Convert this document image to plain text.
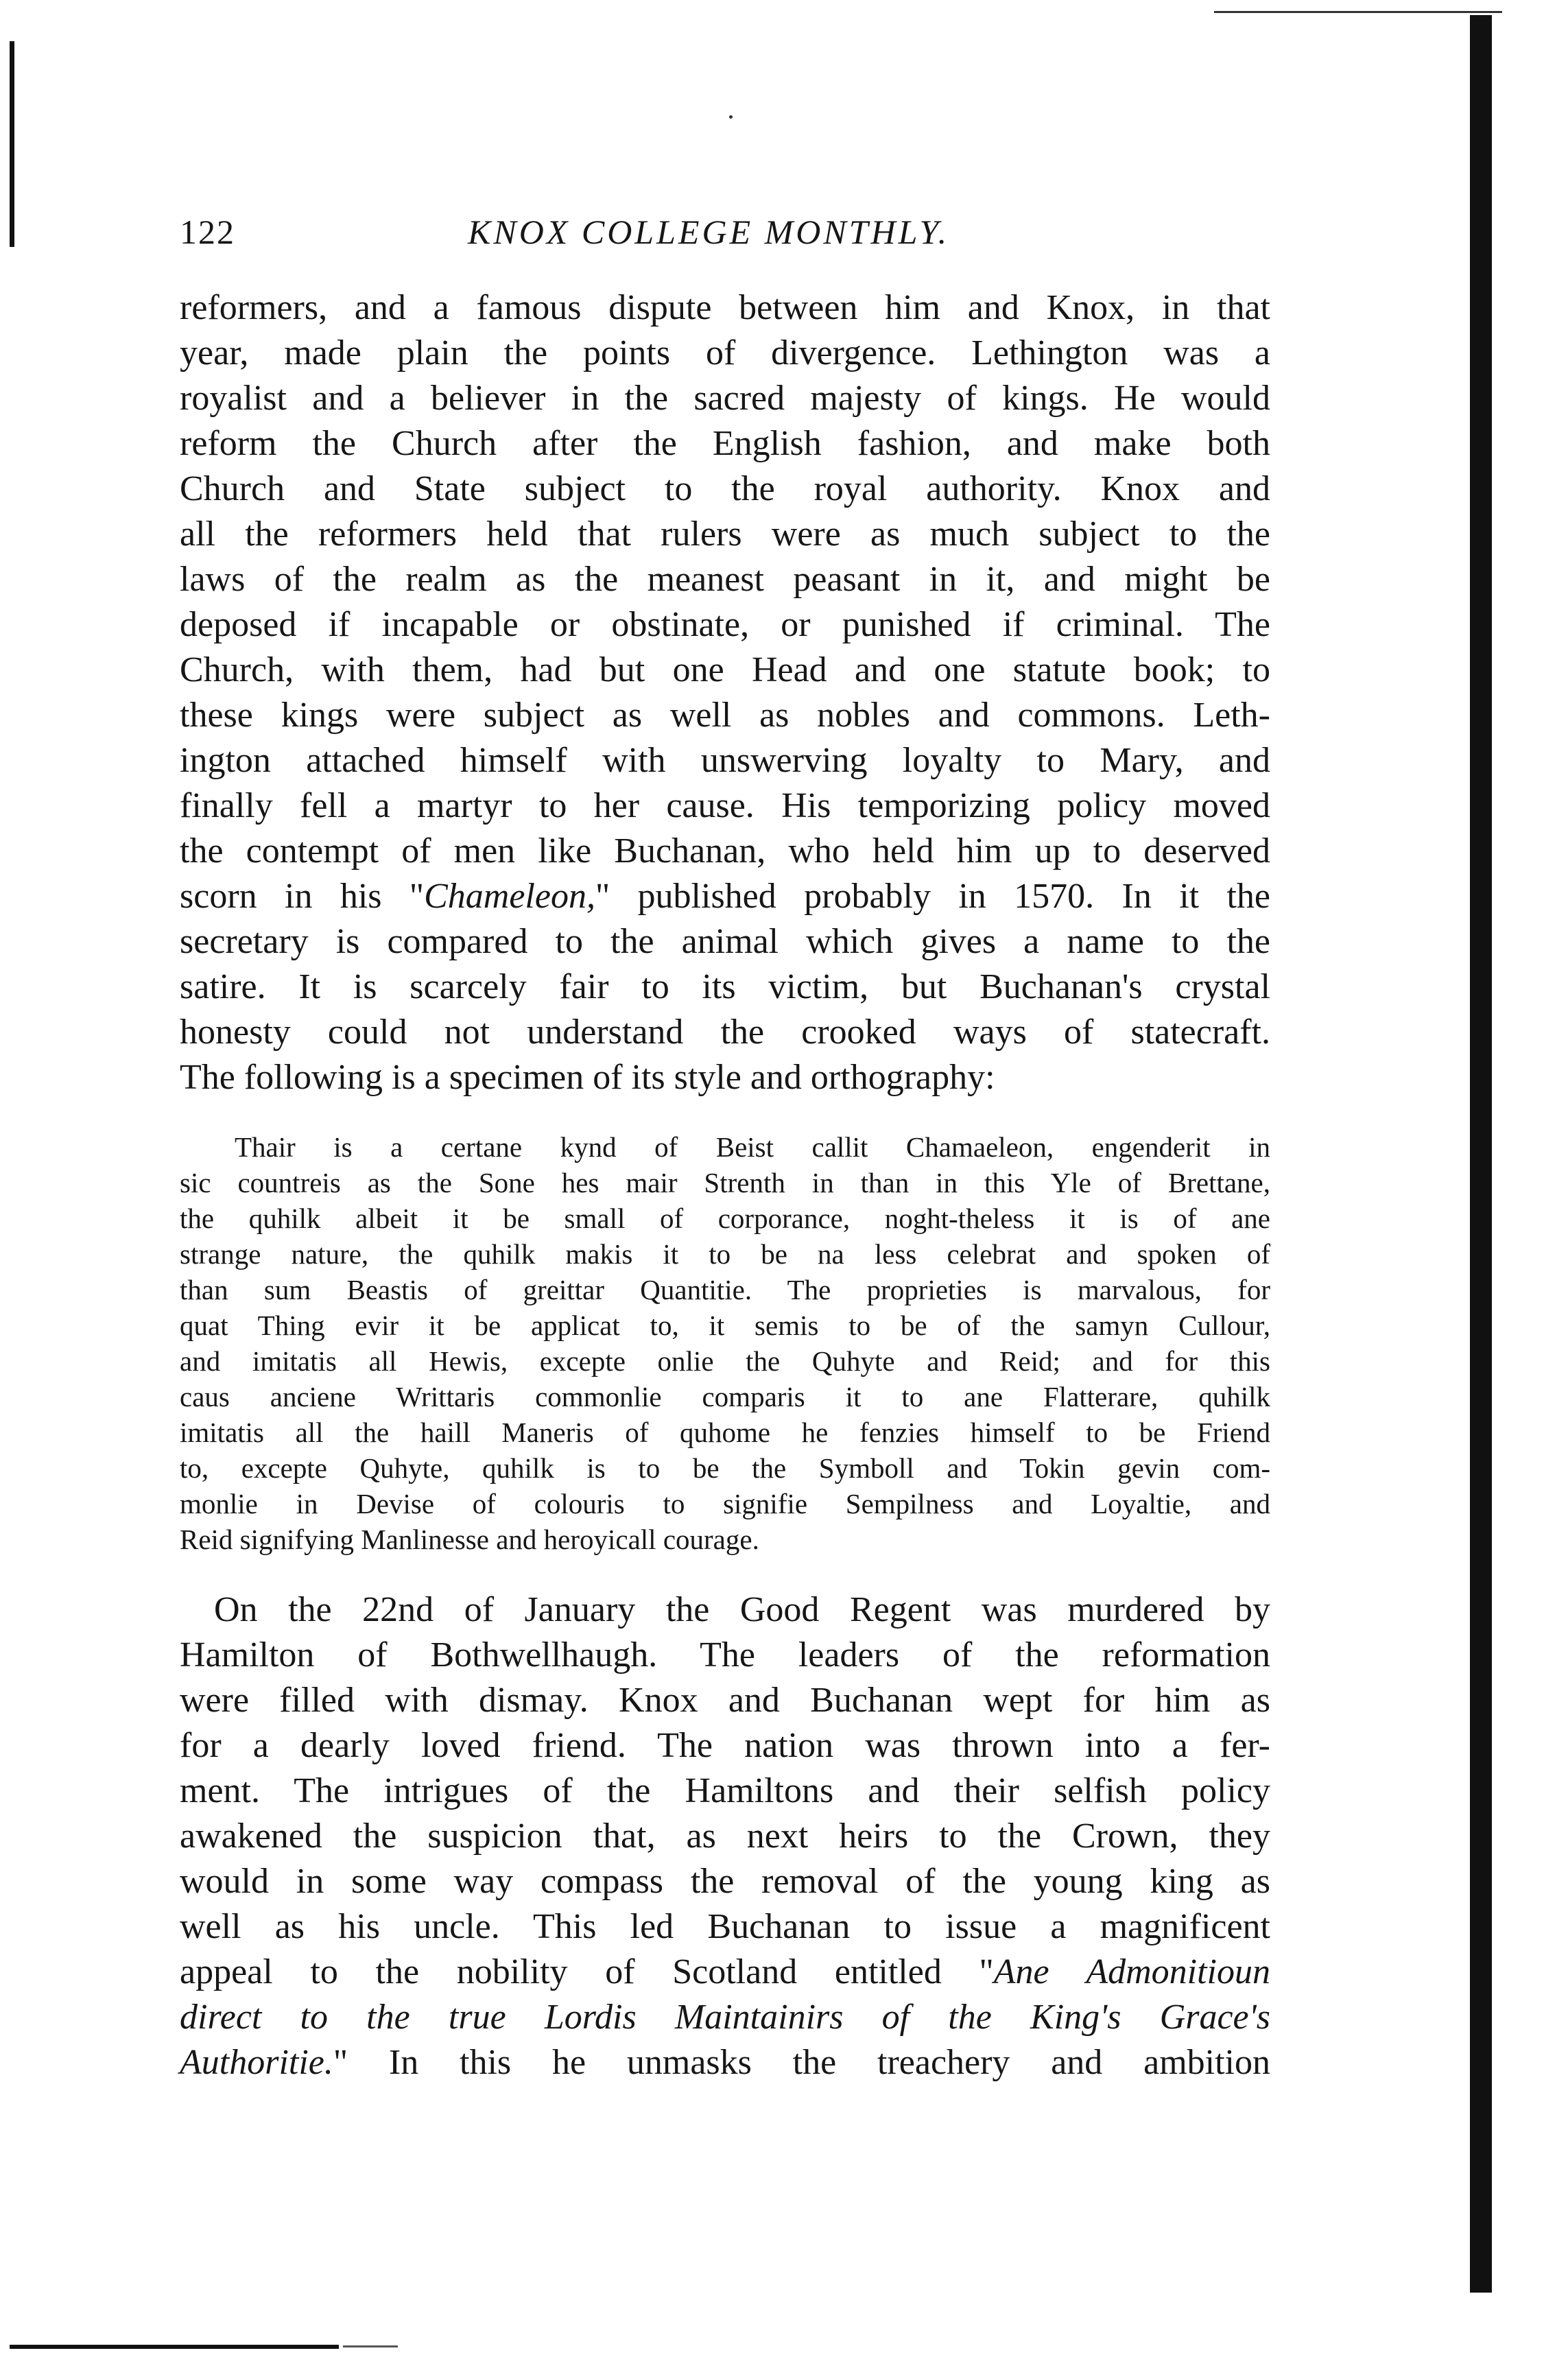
122	KNOX COLLEGE MONTHLY.

reformers, and a famous dispute between him and Knox, in that
year, made plain the points of divergence. Lethington was a
royalist and a believer in the sacred majesty of kings. He would
reform the Church after the English fashion, and make both
Church and State subject to the royal authority. Knox and
all the reformers held that rulers were as much subject to the
laws of the realm as the meanest peasant in it, and might be
deposed if incapable or obstinate, or punished if criminal. The
Church, with them, had but one Head and one statute book; to
these kings were subject as well as nobles and commons. Leth-
ington attached himself with unswerving loyalty to Mary, and
finally fell a martyr to her cause. His temporizing policy moved
the contempt of men like Buchanan, who held him up to deserved
scorn in his "Chameleon," published probably in 1570. In it the
secretary is compared to the animal which gives a name to the
satire. It is scarcely fair to its victim, but Buchanan's crystal
honesty could not understand the crooked ways of statecraft.
The following is a specimen of its style and orthography:

Thair is a certane kynd of Beist callit Chamaeleon, engenderit in
sic countreis as the Sone hes mair Strenth in than in this Yle of Brettane,
the quhilk albeit it be small of corporance, noght-theless it is of ane
strange nature, the quhilk makis it to be na less celebrat and spoken of
than sum Beastis of greittar Quantitie. The proprieties is marvalous, for
quat Thing evir it be applicat to, it semis to be of the samyn Cullour,
and imitatis all Hewis, excepte onlie the Quhyte and Reid; and for this
caus anciene Writtaris commonlie comparis it to ane Flatterare, quhilk
imitatis all the haill Maneris of quhome he fenzies himself to be Friend
to, excepte Quhyte, quhilk is to be the Symboll and Tokin gevin com-
monlie in Devise of colouris to signifie Sempilness and Loyaltie, and
Reid signifying Manlinesse and heroyicall courage.

On the 22nd of January the Good Regent was murdered by
Hamilton of Bothwellhaugh. The leaders of the reformation
were filled with dismay. Knox and Buchanan wept for him as
for a dearly loved friend. The nation was thrown into a fer-
ment. The intrigues of the Hamiltons and their selfish policy
awakened the suspicion that, as next heirs to the Crown, they
would in some way compass the removal of the young king as
well as his uncle. This led Buchanan to issue a magnificent
appeal to the nobility of Scotland entitled "Ane Admonitioun
direct to the true Lordis Maintainirs of the King's Grace's
Authoritie." In this he unmasks the treachery and ambition
